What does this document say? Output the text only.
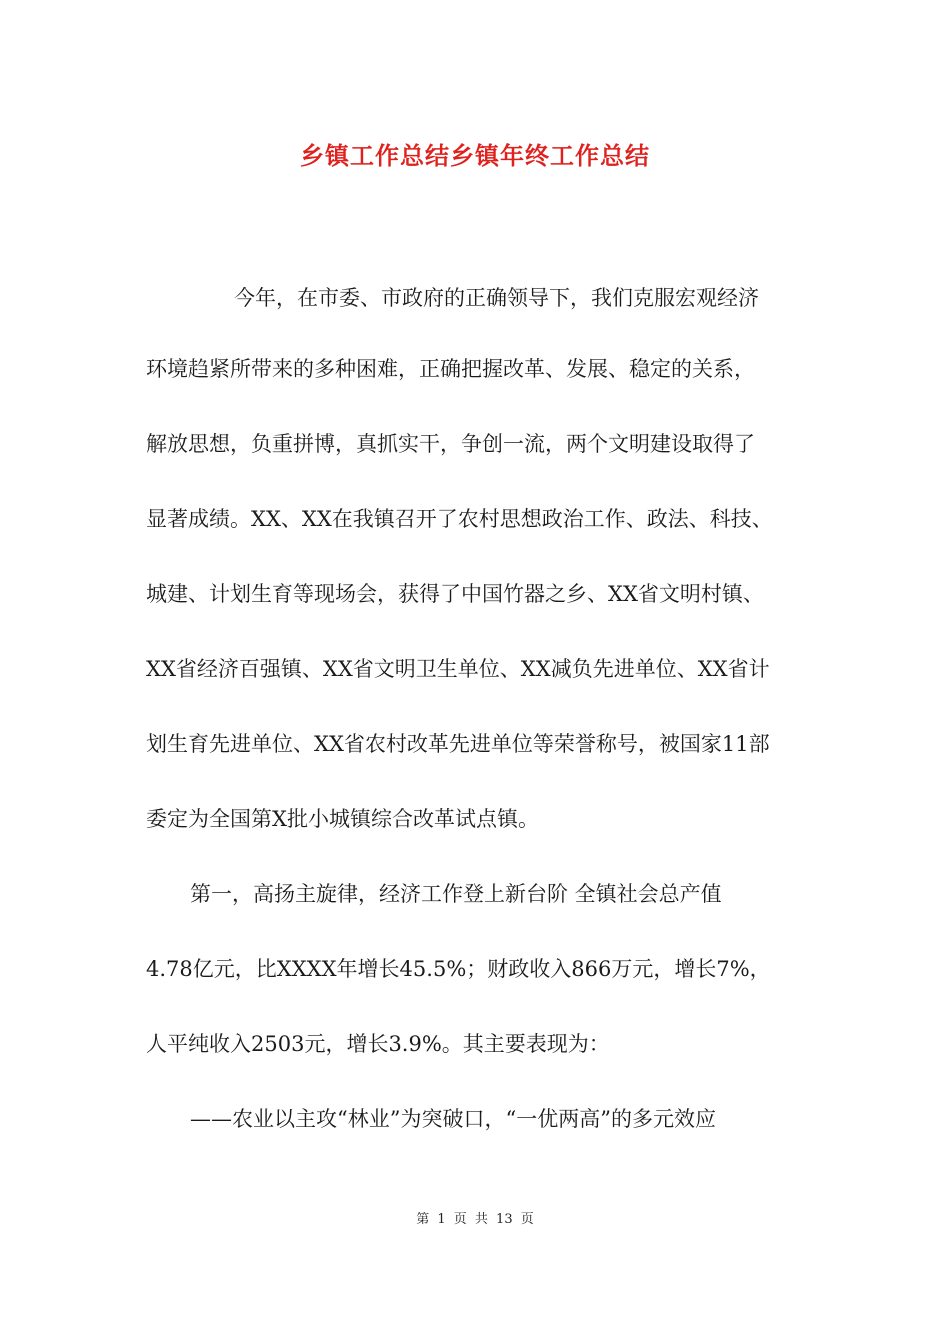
乡镇工作总结乡镇年终工作总结
今年，在市委、市政府的正确领导下，我们克服宏观经济
环境趋紧所带来的多种困难，正确把握改革、发展、稳定的关系，
解放思想，负重拼博，真抓实干，争创一流，两个文明建设取得了
显著成绩。XX、XX在我镇召开了农村思想政治工作、政法、科技、
城建、计划生育等现场会，获得了中国竹器之乡、XX省文明村镇、
XX省经济百强镇、XX省文明卫生单位、XX减负先进单位、XX省计
划生育先进单位、XX省农村改革先进单位等荣誉称号，被国家11部
委定为全国第X批小城镇综合改革试点镇。
第一，高扬主旋律，经济工作登上新台阶 全镇社会总产值
4.78亿元，比XXXX年增长45.5%；财政收入866万元，增长7%，
人平纯收入2503元，增长3.9%。其主要表现为：
——农业以主攻“林业”为突破口，“一优两高”的多元效应
第 1 页 共 13 页
